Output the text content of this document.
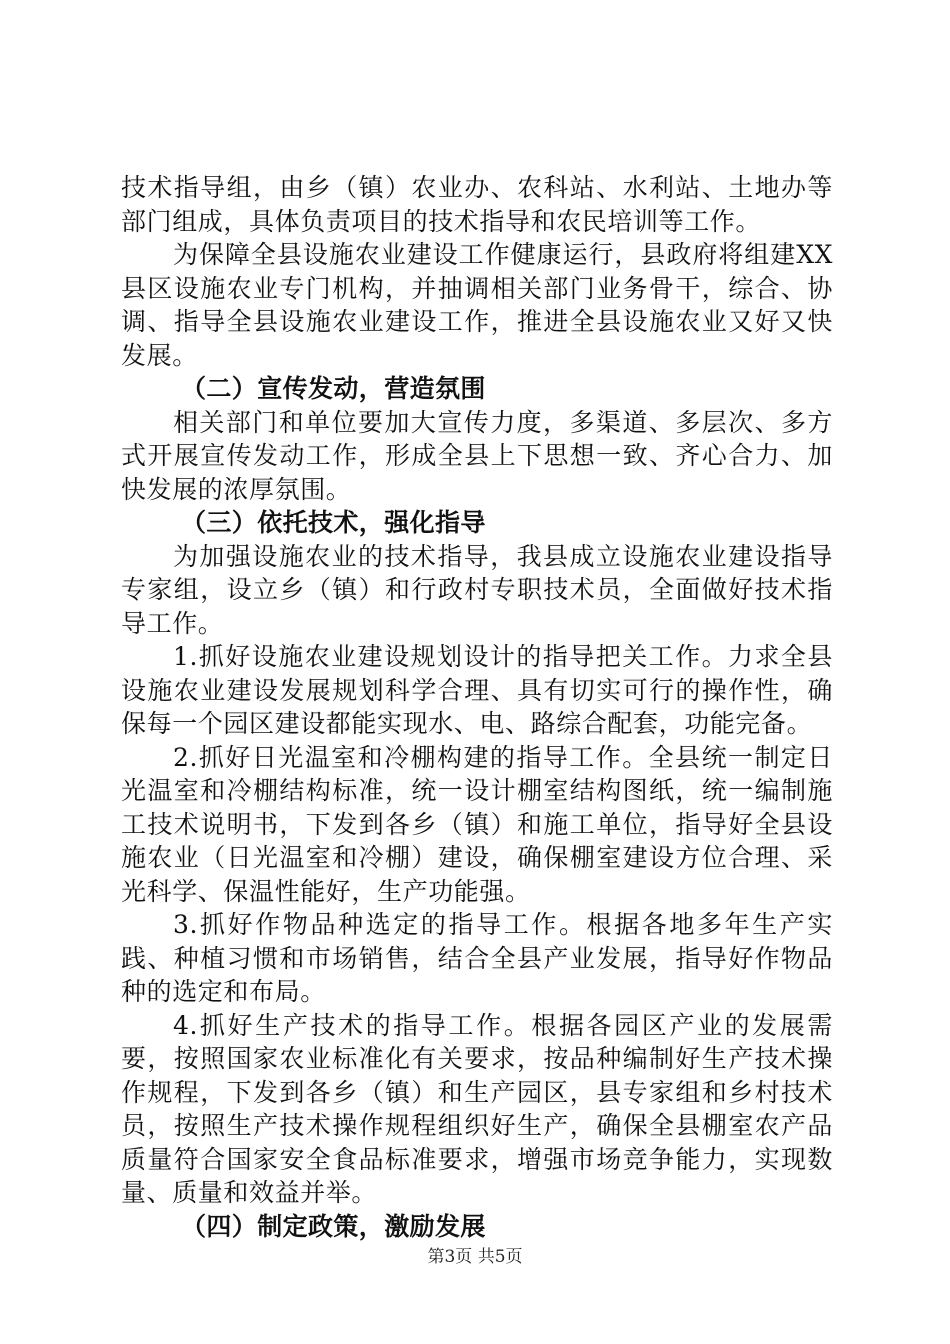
技术指导组，由乡（镇）农业办、农科站、水利站、土地办等部门组成，具体负责项目的技术指导和农民培训等工作。

为保障全县设施农业建设工作健康运行，县政府将组建XX县区设施农业专门机构，并抽调相关部门业务骨干，综合、协调、指导全县设施农业建设工作，推进全县设施农业又好又快发展。

（二）宣传发动，营造氛围

相关部门和单位要加大宣传力度，多渠道、多层次、多方式开展宣传发动工作，形成全县上下思想一致、齐心合力、加快发展的浓厚氛围。

（三）依托技术，强化指导

为加强设施农业的技术指导，我县成立设施农业建设指导专家组，设立乡（镇）和行政村专职技术员，全面做好技术指导工作。

1.抓好设施农业建设规划设计的指导把关工作。力求全县设施农业建设发展规划科学合理、具有切实可行的操作性，确保每一个园区建设都能实现水、电、路综合配套，功能完备。

2.抓好日光温室和冷棚构建的指导工作。全县统一制定日光温室和冷棚结构标准，统一设计棚室结构图纸，统一编制施工技术说明书，下发到各乡（镇）和施工单位，指导好全县设施农业（日光温室和冷棚）建设，确保棚室建设方位合理、采光科学、保温性能好，生产功能强。

3.抓好作物品种选定的指导工作。根据各地多年生产实践、种植习惯和市场销售，结合全县产业发展，指导好作物品种的选定和布局。

4.抓好生产技术的指导工作。根据各园区产业的发展需要，按照国家农业标准化有关要求，按品种编制好生产技术操作规程，下发到各乡（镇）和生产园区，县专家组和乡村技术员，按照生产技术操作规程组织好生产，确保全县棚室农产品质量符合国家安全食品标准要求，增强市场竞争能力，实现数量、质量和效益并举。

（四）制定政策，激励发展
第3页 共5页
